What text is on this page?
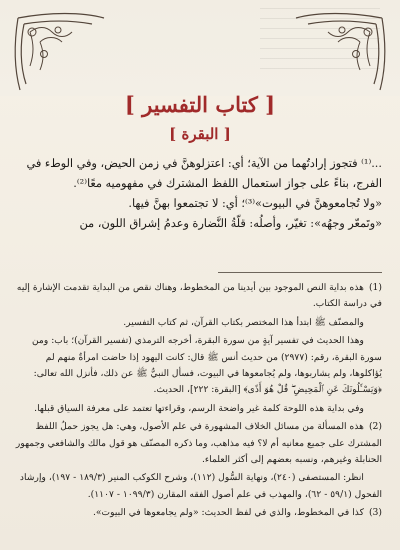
[ كتاب التفسير ]
[ البقرة ]

...⁽¹⁾ فتجوز إرادتُهما من الآية؛ أي: اعتزلوهنَّ في زمن الحيض، وفي الوطء في الفرج، بناءً على جواز استعمال اللفظ المشترك في مفهوميه معًا⁽²⁾.

«ولا تُجامعوهنَّ في البيوت»⁽³⁾؛ أي: لا تجتمعوا بهنَّ فيها.

«وتَمعّر وجهُه»: تغيّر، وأصلُه: قلّةُ النَّضارة وعدمُ إشراق اللون، من

(1)هذه بداية النص الموجود بين أيدينا من المخطوط، وهناك نقص من البداية تقدمت الإشارة إليه في دراسة الكتاب.

والمصنّف ﷺ ابتدأ هذا المختصر بكتاب القرآن، ثم كتاب التفسير.

وهذا الحديث في تفسير آيةٍ من سورة البقرة، أخرجه الترمذي (تفسير القرآن)؛ باب: ومن سورة البقرة، رقم: (٢٩٧٧) من حديث أنس ﷺ قال: كانت اليهود إذا حاضت امرأةٌ منهم لم يُؤاكلوها، ولم يشاربوها، ولم يُجامعوها في البيوت، فسأل النبيُّ ﷺ عن ذلك، فأنزل الله تعالى: ﴿وَيَسْـَٔلُونَكَ عَنِ ٱلْمَحِيضِ ۖ قُلْ هُوَ أَذًى﴾ [البقرة: ٢٢٢]، الحديث.

وفي بداية هذه اللوحة كلمة غير واضحة الرسم، وقراءتها تعتمد على معرفة السياق قبلها.

(2)هذه المسألة من مسائل الخلاف المشهورة في علم الأصول، وهي: هل يجوز حملُ اللفظ المشترك على جميع معانيه أم لا؟ فيه مذاهب، وما ذكره المصنّف هو قول مالك والشافعي وجمهور الحنابلة وغيرهم، ونسبه بعضهم إلى أكثر العلماء.

انظر: المستصفى (٢٤٠)، ونهاية السُّول (١١٢)، وشرح الكوكب المنير (١٨٩/٣ - ١٩٧)، وإرشاد الفحول (٥٩/١ - ٦٢)، والمهذب في علم أصول الفقه المقارن (١٠٩٩/٣ - ١١٠٧).

(3)كذا في المخطوط، والذي في لفظ الحديث: «ولم يجامعوها في البيوت».
